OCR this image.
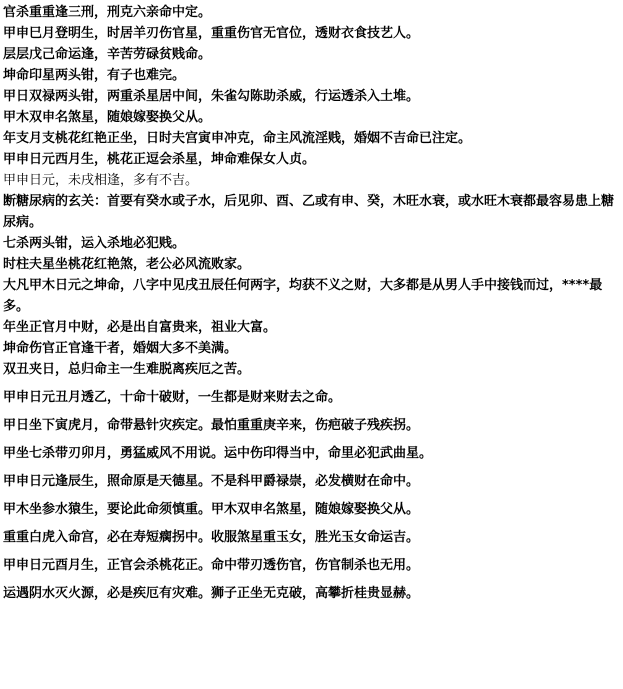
官杀重重逢三刑，刑克六亲命中定。

甲申巳月登明生，时居羊刃伤官星，重重伤官无官位，透财衣食技艺人。

层层戊己命运逢，辛苦劳碌贫贱命。

坤命印星两头钳，有子也难完。

甲日双禄两头钳，两重杀星居中间，朱雀勾陈助杀威，行运透杀入土堆。

甲木双申名煞星，随娘嫁娶换父从。

年支月支桃花红艳正坐，日时夫宫寅申冲克，命主风流淫贱，婚姻不吉命已注定。

甲申日元西月生，桃花正逗会杀星，坤命难保女人贞。

甲申日元，未戌相逢，多有不吉。

断糖尿病的玄关：首要有癸水或子水，后见卯、酉、乙或有申、癸，木旺水衰，或水旺木衰都最容易患上糖尿病。

七杀两头钳，运入杀地必犯贱。

时柱夫星坐桃花红艳煞，老公必风流败家。

大凡甲木日元之坤命，八字中见戌丑辰任何两字，均获不义之财，大多都是从男人手中接钱而过，****最多。

年坐正官月中财，必是出自富贵来，祖业大富。

坤命伤官正官逢干者，婚姻大多不美满。

双丑夹日，总归命主一生难脱离疾厄之苦。

甲申日元丑月透乙，十命十破财，一生都是财来财去之命。

甲日坐下寅虎月，命带悬针灾疾定。最怕重重庚辛来，伤疤破子残疾拐。

甲坐七杀带刃卯月，勇猛威风不用说。运中伤印得当中，命里必犯武曲星。

甲申日元逢辰生，照命原是天德星。不是科甲爵禄崇，必发横财在命中。

甲木坐参水猿生，要论此命须慎重。甲木双申名煞星，随娘嫁娶换父从。

重重白虎入命宫，必在寿短瘸拐中。收服煞星重玉女，胜光玉女命运吉。

甲申日元酉月生，正官会杀桃花正。命中带刃透伤官，伤官制杀也无用。

运遇阴水灭火源，必是疾厄有灾难。狮子正坐无克破，高攀折桂贵显赫。
